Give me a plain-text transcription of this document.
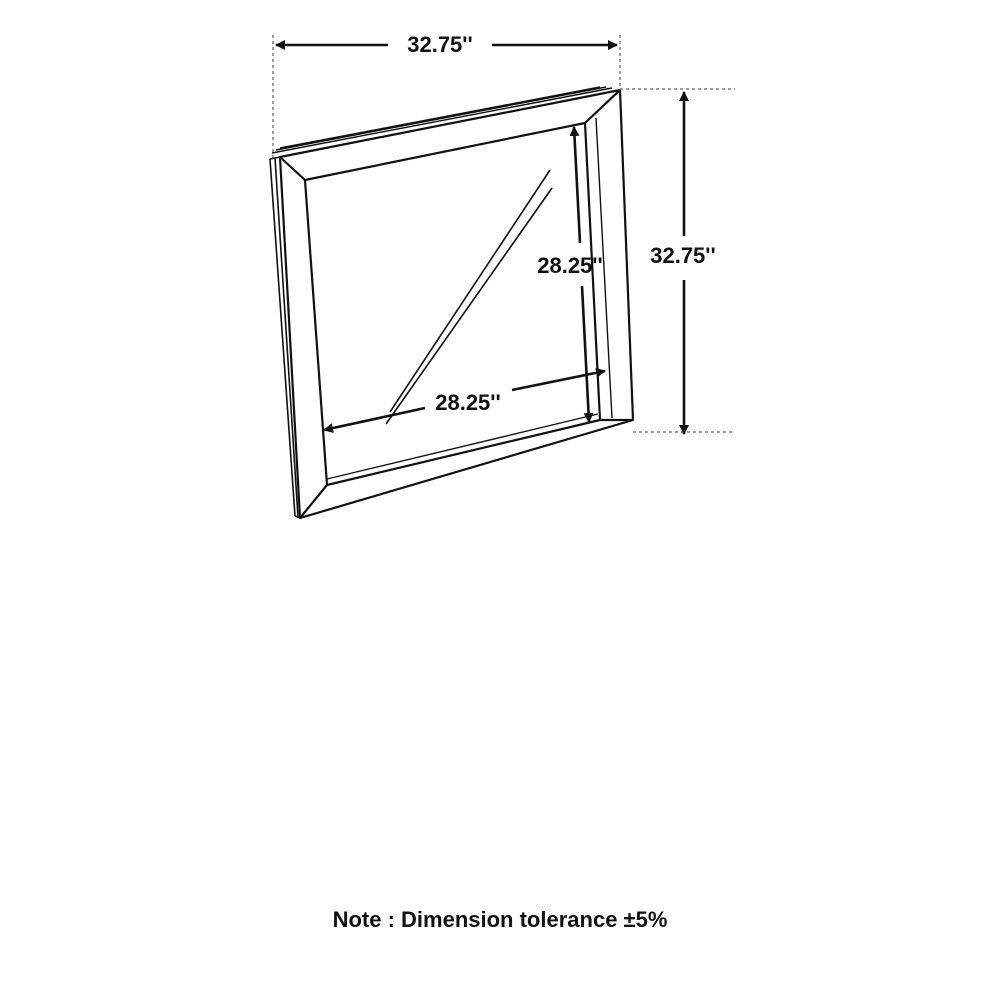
32.75''
32.75''
28.25''
28.25''
Note : Dimension tolerance ±5%
